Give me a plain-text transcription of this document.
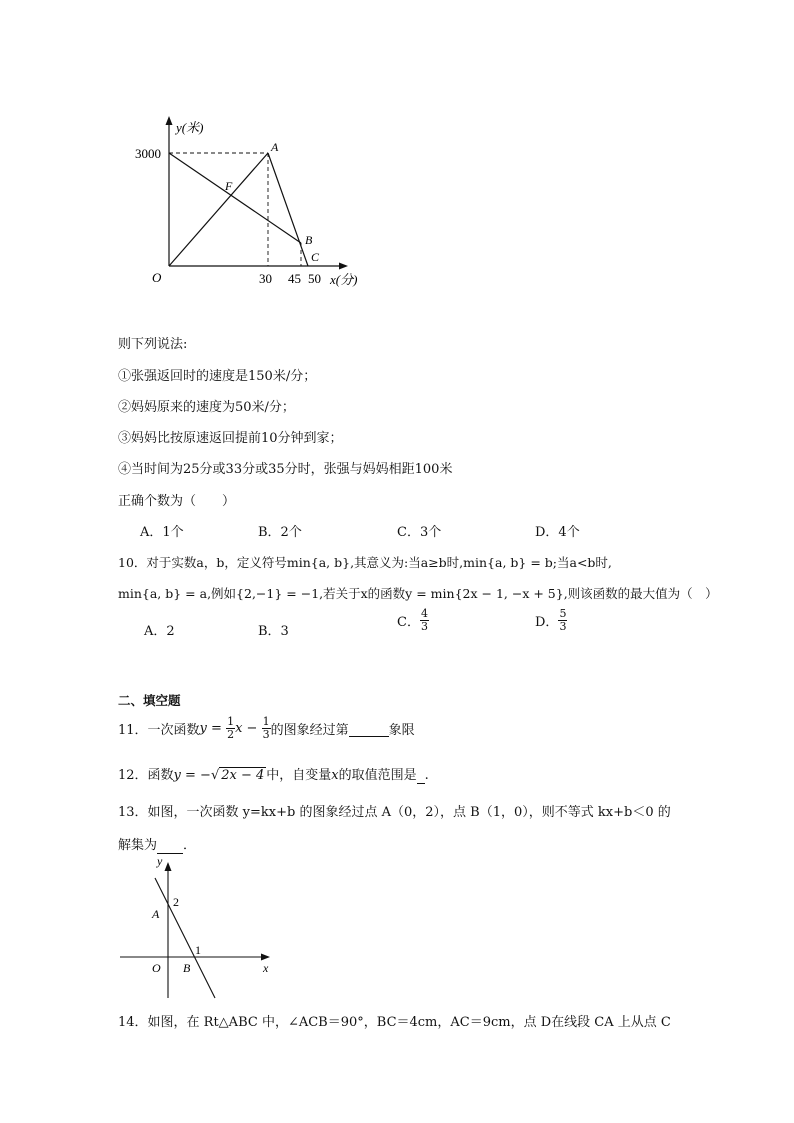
y(米)
3000
O	30 45 50 x(分)
A
F
B
C
则下列说法:
①张强返回时的速度是150米/分；
②妈妈原来的速度为50米/分；
③妈妈比按原速返回提前10分钟到家；
④当时间为25分或33分或35分时，张强与妈妈相距100米
正确个数为（　　）
A．1个	B．2个	C．3个	D．4个
10．对于实数a，b，定义符号min{a, b},其意义为:当a≥b时,min{a, b} = b;当a<b时,
min{a, b} = a,例如{2,−1} = −1,若关于x的函数y = min{2x − 1, −x + 5},则该函数的最大值为（　）
A．2	B．3
C． $\frac{4}{3}$	D． $\frac{5}{3}$
二、填空题
11．一次函数$y = \frac{1}{2}$ $x - \frac{1}{3}$ 的图象经过第	象限
12．函数y = −√ 2x − 4 中，自变量x的取值范围是 .
13．如图，一次函数 y=kx+b 的图象经过点 A（0，2），点 B（1，0），则不等式 kx+b＜0 的
解集为 ．
y
x
O
A
B
2
1
14．如图，在 Rt△ABC 中，∠ACB＝90°，BC＝4cm，AC＝9cm，点 D在线段 CA 上从点 C
